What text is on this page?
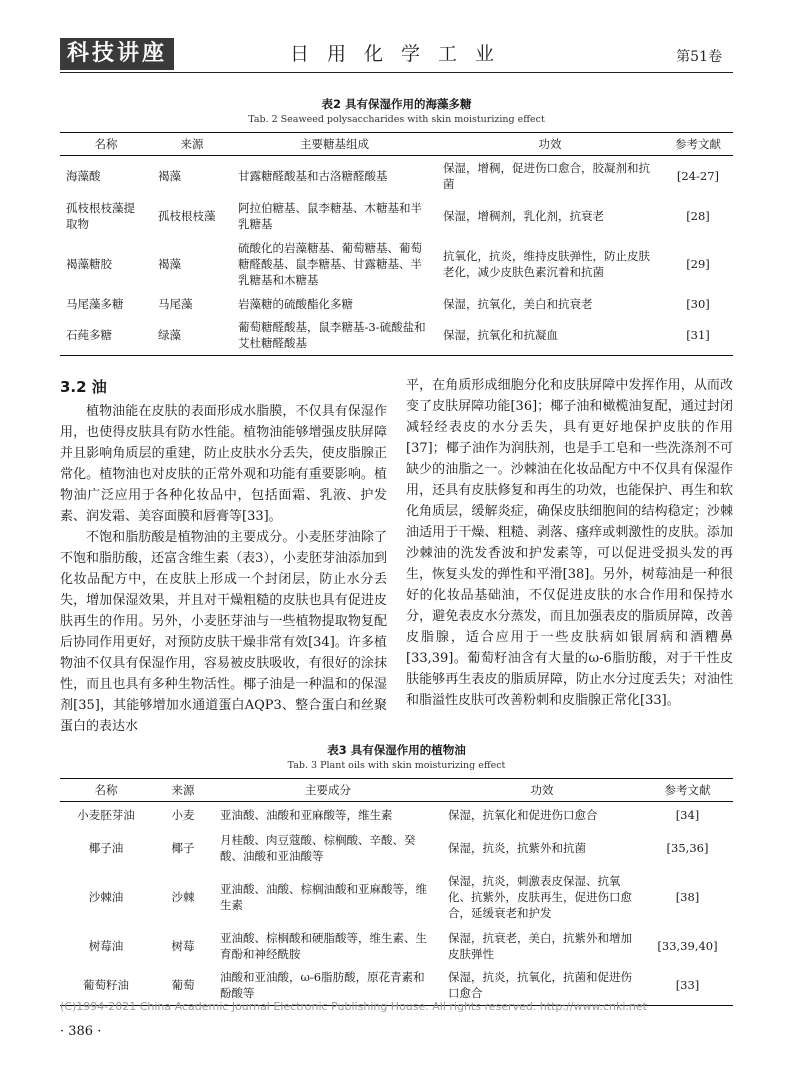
科技讲座	日用化学工业	第51卷
表2 具有保湿作用的海藻多糖
Tab. 2 Seaweed polysaccharides with skin moisturizing effect
名称	来源	主要糖基组成	功效	参考文献
海藻酸	褐藻	甘露糖醛酸基和古洛糖醛酸基	保湿，增稠，促进伤口愈合，胶凝剂和抗菌	[24-27]
孤枝根枝藻提取物	孤枝根枝藻	阿拉伯糖基、鼠李糖基、木糖基和半乳糖基	保湿，增稠剂，乳化剂，抗衰老	[28]
褐藻糖胶	褐藻	硫酸化的岩藻糖基、葡萄糖基、葡萄糖醛酸基、鼠李糖基、甘露糖基、半乳糖基和木糖基	抗氧化，抗炎，维持皮肤弹性，防止皮肤老化，减少皮肤色素沉着和抗菌	[29]
马尾藻多糖	马尾藻	岩藻糖的硫酸酯化多糖	保湿，抗氧化，美白和抗衰老	[30]
石莼多糖	绿藻	葡萄糖醛酸基，鼠李糖基-3-硫酸盐和艾杜糖醛酸基	保湿，抗氧化和抗凝血	[31]
3.2 油

植物油能在皮肤的表面形成水脂膜，不仅具有保湿作用，也使得皮肤具有防水性能。植物油能够增强皮肤屏障并且影响角质层的重建，防止皮肤水分丢失，使皮脂腺正常化。植物油也对皮肤的正常外观和功能有重要影响。植物油广泛应用于各种化妆品中，包括面霜、乳液、护发素、润发霜、美容面膜和唇膏等[33]。

不饱和脂肪酸是植物油的主要成分。小麦胚芽油除了不饱和脂肪酸，还富含维生素（表3），小麦胚芽油添加到化妆品配方中，在皮肤上形成一个封闭层，防止水分丢失，增加保湿效果，并且对干燥粗糙的皮肤也具有促进皮肤再生的作用。另外，小麦胚芽油与一些植物提取物复配后协同作用更好，对预防皮肤干燥非常有效[34]。许多植物油不仅具有保湿作用，容易被皮肤吸收，有很好的涂抹性，而且也具有多种生物活性。椰子油是一种温和的保湿剂[35]，其能够增加水通道蛋白AQP3、整合蛋白和丝聚蛋白的表达水

平，在角质形成细胞分化和皮肤屏障中发挥作用，从而改变了皮肤屏障功能[36]；椰子油和橄榄油复配，通过封闭减轻经表皮的水分丢失，具有更好地保护皮肤的作用[37]；椰子油作为润肤剂，也是手工皂和一些洗涤剂不可缺少的油脂之一。沙棘油在化妆品配方中不仅具有保湿作用，还具有皮肤修复和再生的功效，也能保护、再生和软化角质层，缓解炎症，确保皮肤细胞间的结构稳定；沙棘油适用于干燥、粗糙、剥落、瘙痒或刺激性的皮肤。添加沙棘油的洗发香波和护发素等，可以促进受损头发的再生，恢复头发的弹性和平滑[38]。另外，树莓油是一种很好的化妆品基础油，不仅促进皮肤的水合作用和保持水分，避免表皮水分蒸发，而且加强表皮的脂质屏障，改善皮脂腺，适合应用于一些皮肤病如银屑病和酒糟鼻[33,39]。葡萄籽油含有大量的ω-6脂肪酸，对于干性皮肤能够再生表皮的脂质屏障，防止水分过度丢失；对油性和脂溢性皮肤可改善粉刺和皮脂腺正常化[33]。

表3 具有保湿作用的植物油
Tab. 3 Plant oils with skin moisturizing effect
名称	来源	主要成分	功效	参考文献
小麦胚芽油	小麦	亚油酸、油酸和亚麻酸等，维生素	保湿，抗氧化和促进伤口愈合	[34]
椰子油	椰子	月桂酸、肉豆蔻酸、棕榈酸、辛酸、癸酸、油酸和亚油酸等	保湿，抗炎，抗紫外和抗菌	[35,36]
沙棘油	沙棘	亚油酸、油酸、棕榈油酸和亚麻酸等，维生素	保湿，抗炎，刺激表皮保湿、抗氧化、抗紫外，皮肤再生，促进伤口愈合，延缓衰老和护发	[38]
树莓油	树莓	亚油酸、棕榈酸和硬脂酸等，维生素、生育酚和神经酰胺	保湿，抗衰老，美白，抗紫外和增加皮肤弹性	[33,39,40]
葡萄籽油	葡萄	油酸和亚油酸，ω-6脂肪酸，原花青素和酚酸等	保湿，抗炎，抗氧化，抗菌和促进伤口愈合	[33]
(C)1994-2021 China Academic Journal Electronic Publishing House. All rights reserved. http://www.cnki.net
· 386 ·
